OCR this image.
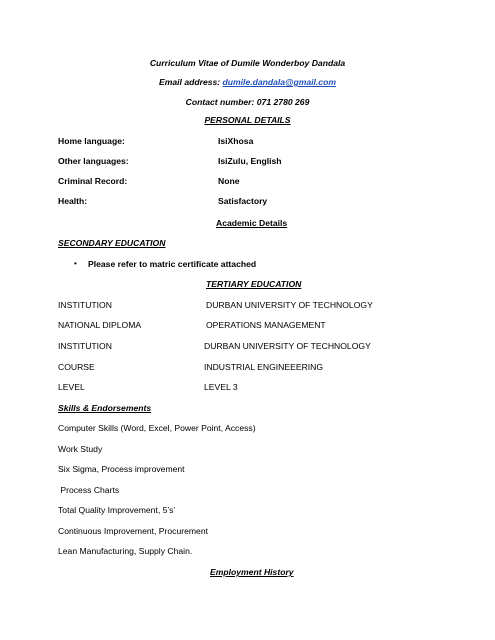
Curriculum Vitae of Dumile Wonderboy Dandala
Email address: dumile.dandala@gmail.com
Contact number: 071 2780 269
PERSONAL DETAILS
Home language:	IsiXhosa
Other languages:	IsiZulu, English
Criminal Record:	None
Health:	Satisfactory
Academic Details
SECONDARY EDUCATION
• Please refer to matric certificate attached
TERTIARY EDUCATION
INSTITUTION	DURBAN UNIVERSITY OF TECHNOLOGY
NATIONAL DIPLOMA	OPERATIONS MANAGEMENT
INSTITUTION	DURBAN UNIVERSITY OF TECHNOLOGY
COURSE	INDUSTRIAL ENGINEEERING
LEVEL	LEVEL 3
Skills & Endorsements
Computer Skills (Word, Excel, Power Point, Access)
Work Study
Six Sigma, Process improvement
Process Charts
Total Quality Improvement, 5’s’
Continuous Improvement, Procurement
Lean Manufacturing, Supply Chain.
Employment History
